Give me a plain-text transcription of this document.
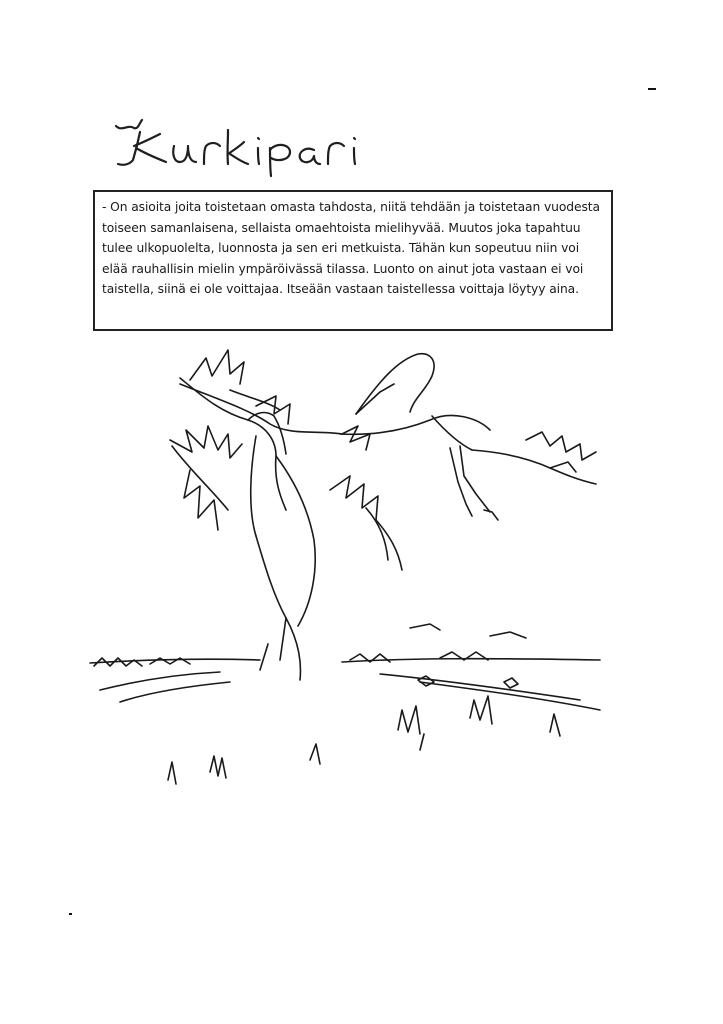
- On asioita joita toistetaan omasta tahdosta, niitä tehdään ja toistetaan vuodesta toiseen samanlaisena, sellaista omaehtoista mielihyvää. Muutos joka tapahtuu tulee ulkopuolelta, luonnosta ja sen eri metkuista. Tähän kun sopeutuu niin voi elää rauhallisin mielin ympäröivässä tilassa. Luonto on ainut jota vastaan ei voi taistella, siinä ei ole voittajaa. Itseään vastaan taistellessa voittaja löytyy aina.
